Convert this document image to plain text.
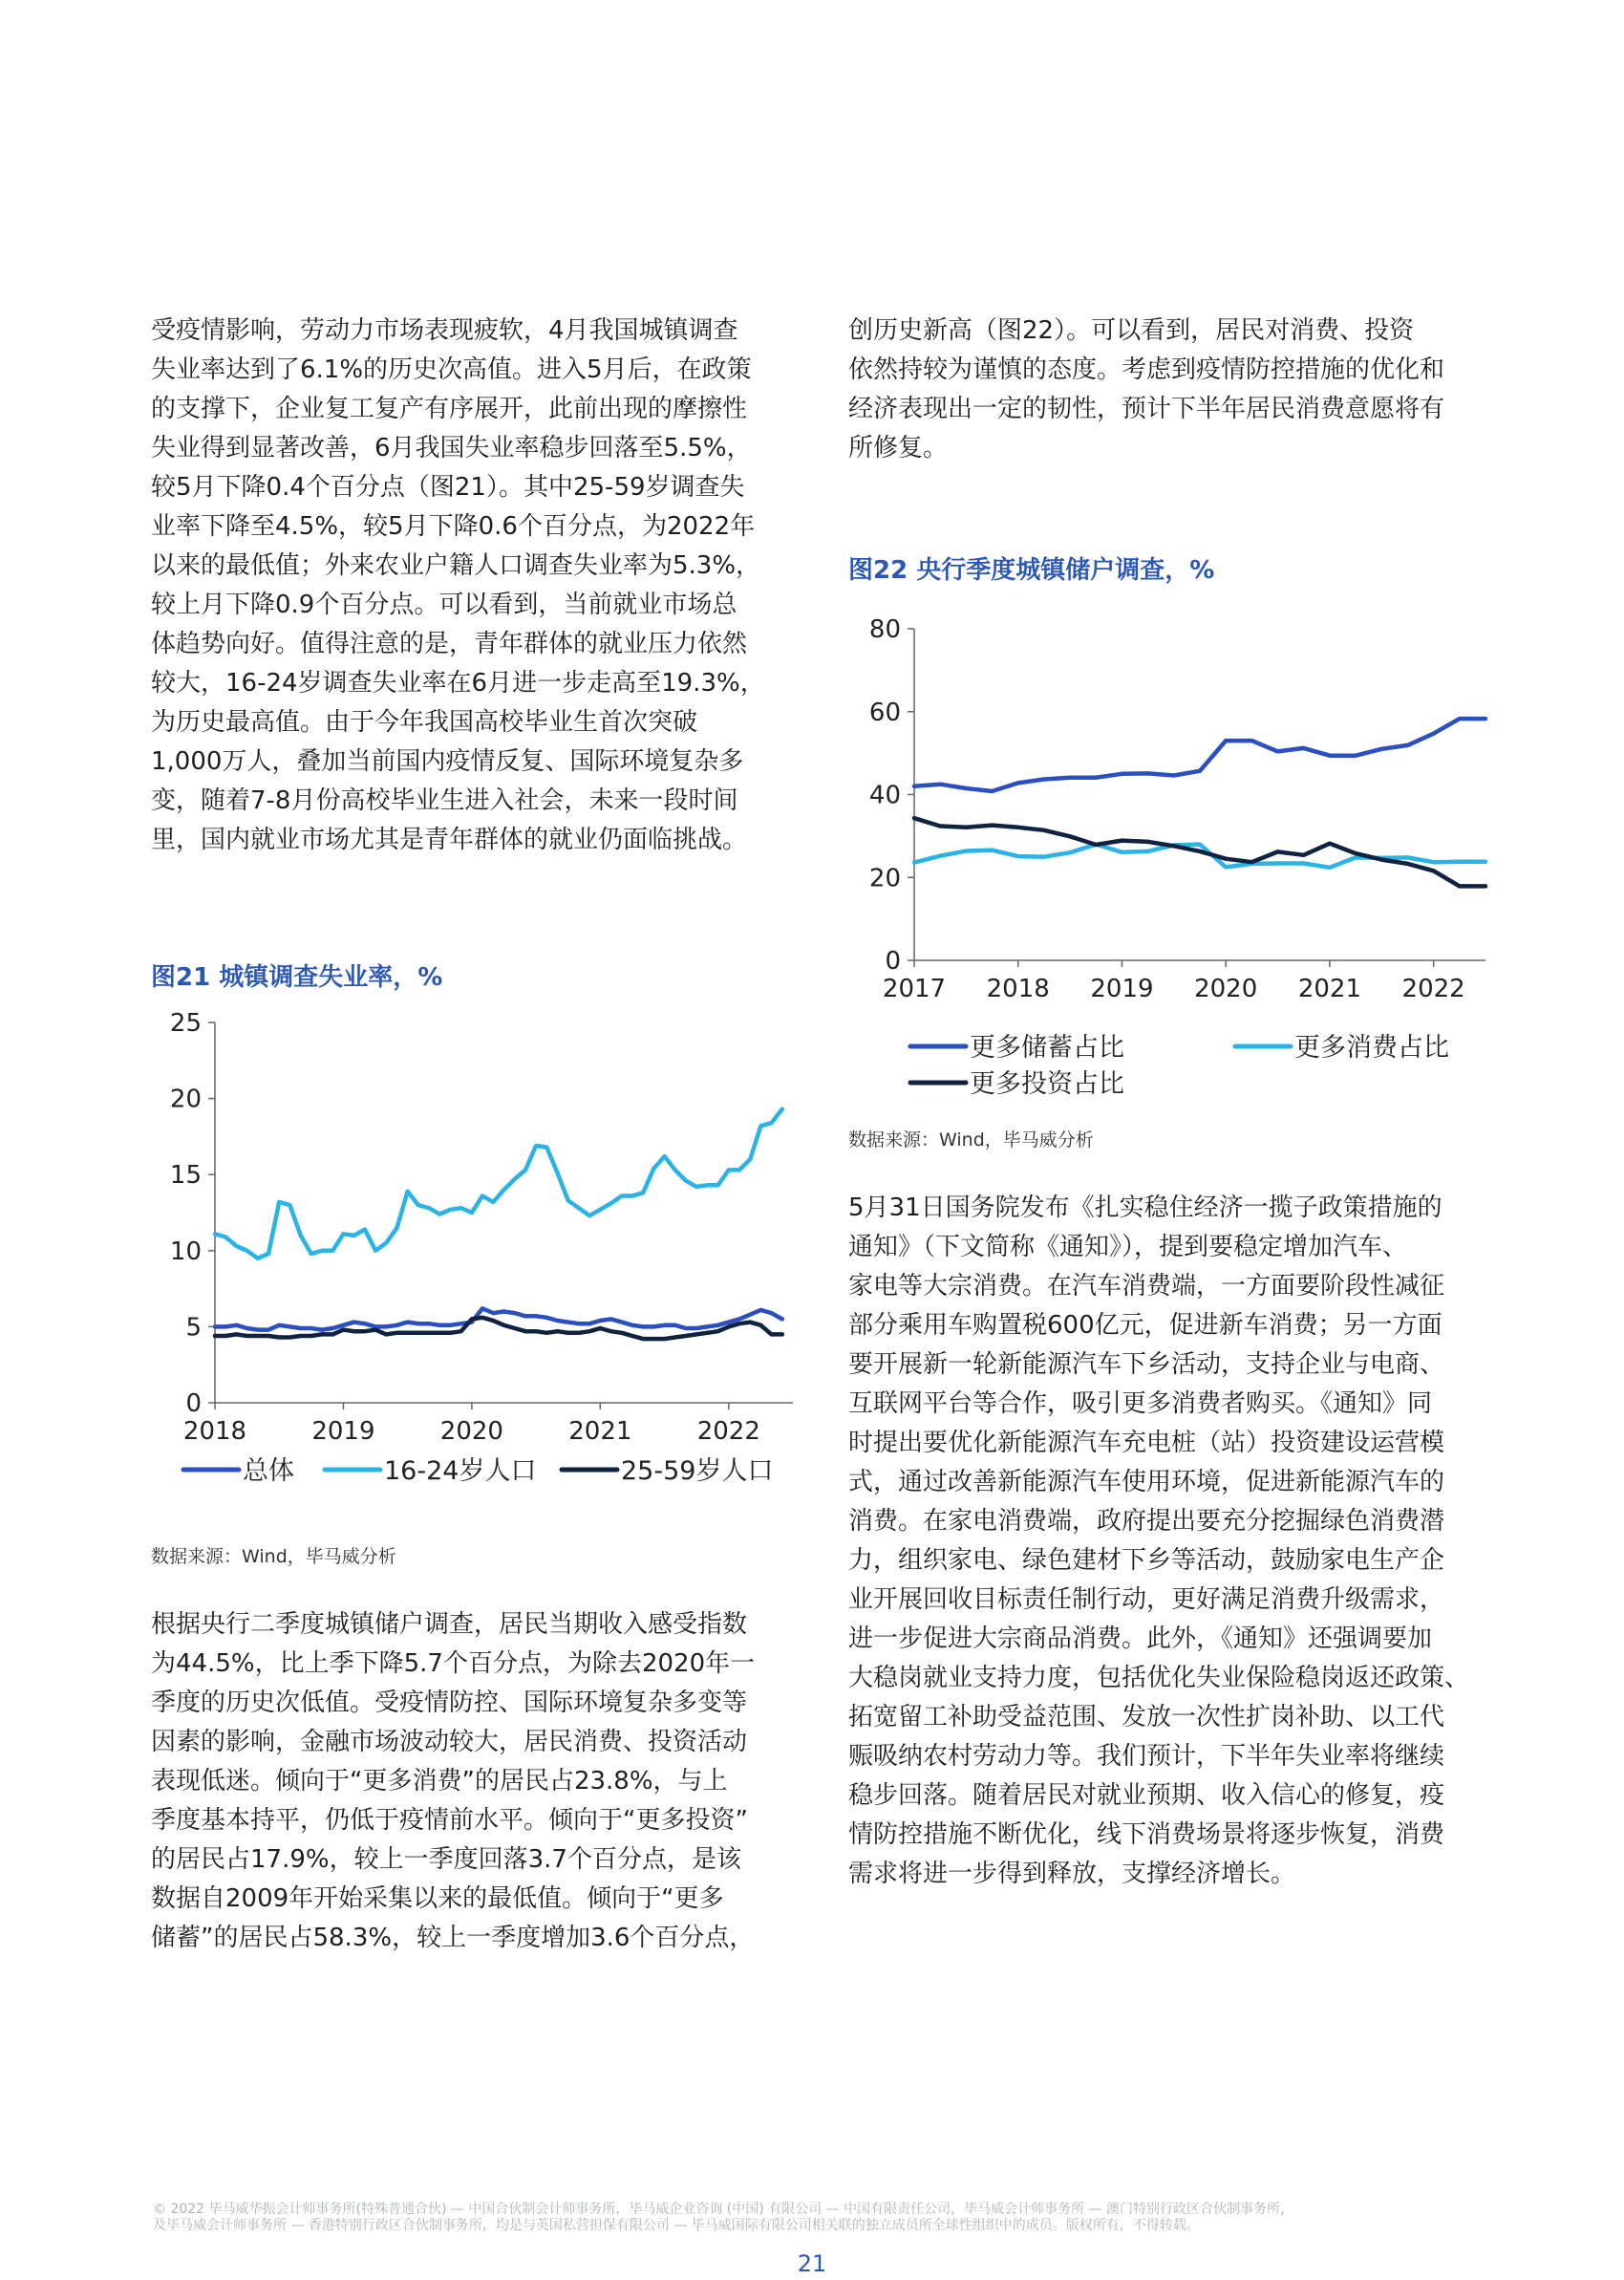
受疫情影响，劳动力市场表现疲软，4月我国城镇调查
失业率达到了6.1%的历史次高值。进入5月后，在政策
的支撑下，企业复工复产有序展开，此前出现的摩擦性
失业得到显著改善，6月我国失业率稳步回落至5.5%，
较5月下降0.4个百分点（图21）。其中25-59岁调查失
业率下降至4.5%，较5月下降0.6个百分点，为2022年
以来的最低值；外来农业户籍人口调查失业率为5.3%，
较上月下降0.9个百分点。可以看到，当前就业市场总
体趋势向好。值得注意的是，青年群体的就业压力依然
较大，16-24岁调查失业率在6月进一步走高至19.3%，
为历史最高值。由于今年我国高校毕业生首次突破
1,000万人，叠加当前国内疫情反复、国际环境复杂多
变，随着7-8月份高校毕业生进入社会，未来一段时间
里，国内就业市场尤其是青年群体的就业仍面临挑战。

图21 城镇调查失业率，%
0
5
10
15
20
25
2018	2019	2020	2021	2022
总体	16-24岁人口	25-59岁人口
数据来源：Wind，毕马威分析

根据央行二季度城镇储户调查，居民当期收入感受指数
为44.5%，比上季下降5.7个百分点，为除去2020年一
季度的历史次低值。受疫情防控、国际环境复杂多变等
因素的影响，金融市场波动较大，居民消费、投资活动
表现低迷。倾向于“更多消费”的居民占23.8%，与上
季度基本持平，仍低于疫情前水平。倾向于“更多投资”
的居民占17.9%，较上一季度回落3.7个百分点，是该
数据自2009年开始采集以来的最低值。倾向于“更多
储蓄”的居民占58.3%，较上一季度增加3.6个百分点，

创历史新高（图22）。可以看到，居民对消费、投资
依然持较为谨慎的态度。考虑到疫情防控措施的优化和
经济表现出一定的韧性，预计下半年居民消费意愿将有
所修复。

图22 央行季度城镇储户调查，%
0
20
40
60
80
2017 2018 2019 2020 2021 2022
更多储蓄占比	更多消费占比
更多投资占比
数据来源：Wind，毕马威分析

5月31日国务院发布《扎实稳住经济一揽子政策措施的
通知》（下文简称《通知》），提到要稳定增加汽车、
家电等大宗消费。在汽车消费端，一方面要阶段性减征
部分乘用车购置税600亿元，促进新车消费；另一方面
要开展新一轮新能源汽车下乡活动，支持企业与电商、
互联网平台等合作，吸引更多消费者购买。《通知》同
时提出要优化新能源汽车充电桩（站）投资建设运营模
式，通过改善新能源汽车使用环境，促进新能源汽车的
消费。在家电消费端，政府提出要充分挖掘绿色消费潜
力，组织家电、绿色建材下乡等活动，鼓励家电生产企
业开展回收目标责任制行动，更好满足消费升级需求，
进一步促进大宗商品消费。此外，《通知》还强调要加
大稳岗就业支持力度，包括优化失业保险稳岗返还政策、
拓宽留工补助受益范围、发放一次性扩岗补助、以工代
赈吸纳农村劳动力等。我们预计，下半年失业率将继续
稳步回落。随着居民对就业预期、收入信心的修复，疫
情防控措施不断优化，线下消费场景将逐步恢复，消费
需求将进一步得到释放，支撑经济增长。

© 2022 毕马威华振会计师事务所(特殊普通合伙) — 中国合伙制会计师事务所，毕马威企业咨询 (中国) 有限公司 — 中国有限责任公司，毕马威会计师事务所 — 澳门特别行政区合伙制事务所，
及毕马威会计师事务所 — 香港特别行政区合伙制事务所，均是与英国私营担保有限公司 — 毕马威国际有限公司相关联的独立成员所全球性组织中的成员。版权所有，不得转载。
21
